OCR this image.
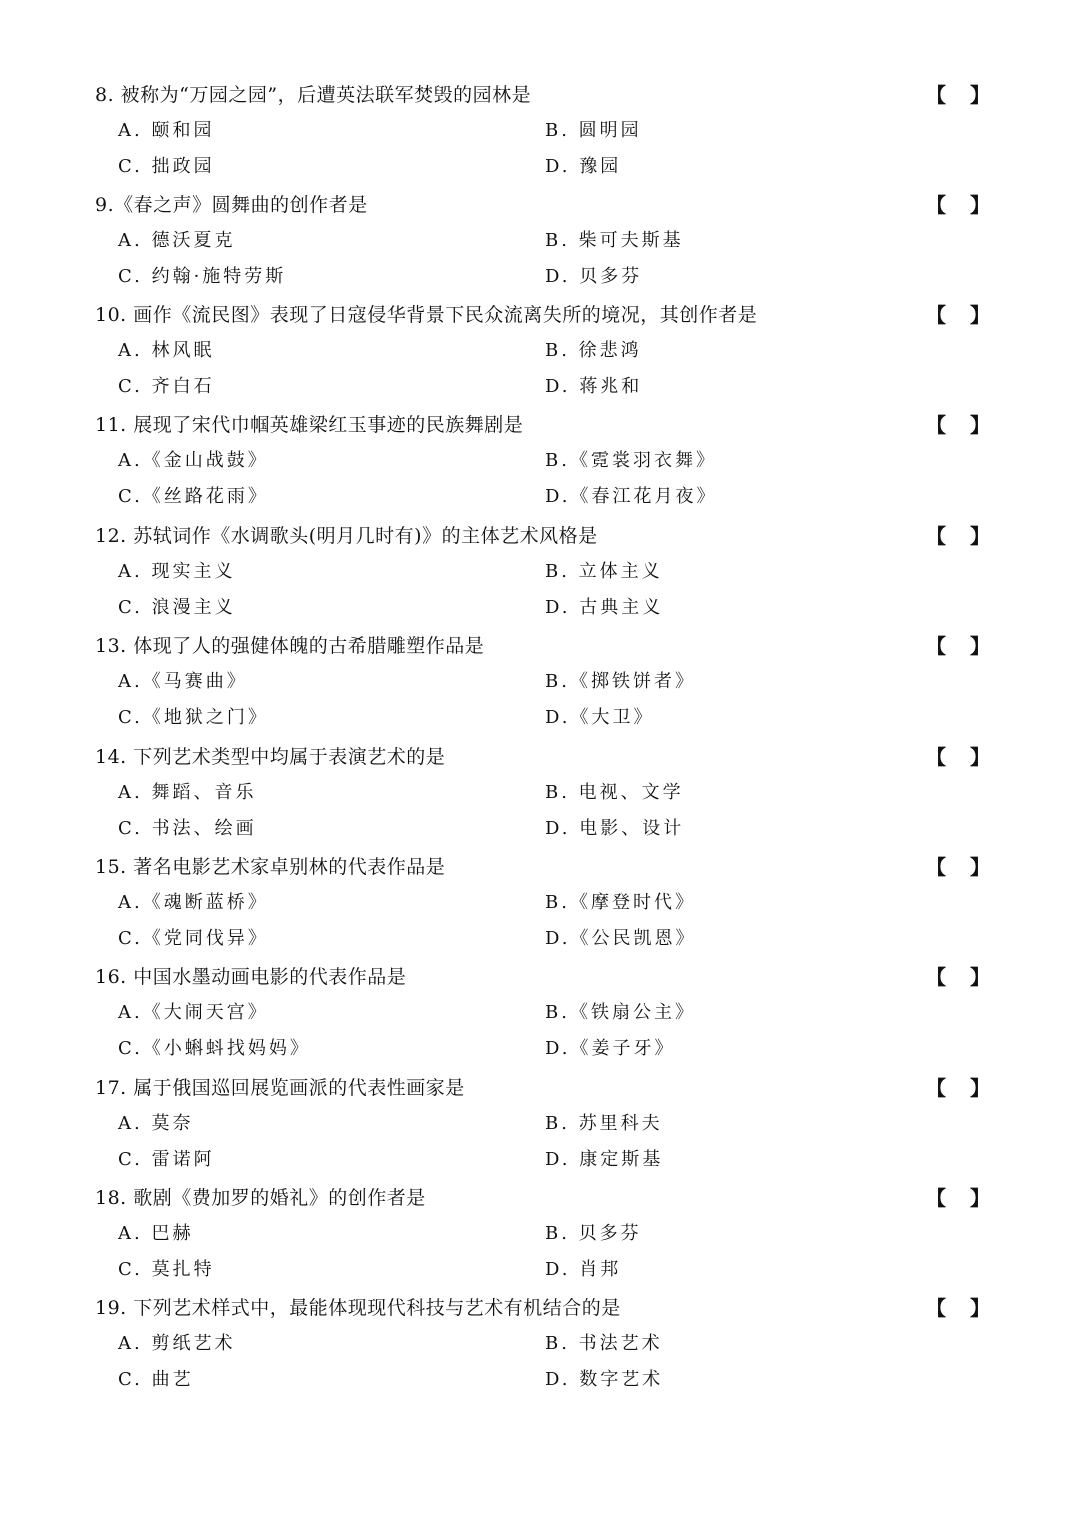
8. 被称为“万园之园”，后遭英法联军焚毁的园林是	【 】
A. 颐和园	B. 圆明园
C. 拙政园	D. 豫园
9.《春之声》圆舞曲的创作者是	【 】
A. 德沃夏克	B. 柴可夫斯基
C. 约翰·施特劳斯	D. 贝多芬
10. 画作《流民图》表现了日寇侵华背景下民众流离失所的境况，其创作者是	【 】
A. 林风眠	B. 徐悲鸿
C. 齐白石	D. 蒋兆和
11. 展现了宋代巾帼英雄梁红玉事迹的民族舞剧是	【 】
A.《金山战鼓》	B.《霓裳羽衣舞》
C.《丝路花雨》	D.《春江花月夜》
12. 苏轼词作《水调歌头(明月几时有)》的主体艺术风格是	【 】
A. 现实主义	B. 立体主义
C. 浪漫主义	D. 古典主义
13. 体现了人的强健体魄的古希腊雕塑作品是	【 】
A.《马赛曲》	B.《掷铁饼者》
C.《地狱之门》	D.《大卫》
14. 下列艺术类型中均属于表演艺术的是	【 】
A. 舞蹈、音乐	B. 电视、文学
C. 书法、绘画	D. 电影、设计
15. 著名电影艺术家卓别林的代表作品是	【 】
A.《魂断蓝桥》	B.《摩登时代》
C.《党同伐异》	D.《公民凯恩》
16. 中国水墨动画电影的代表作品是	【 】
A.《大闹天宫》	B.《铁扇公主》
C.《小蝌蚪找妈妈》	D.《姜子牙》
17. 属于俄国巡回展览画派的代表性画家是	【 】
A. 莫奈	B. 苏里科夫
C. 雷诺阿	D. 康定斯基
18. 歌剧《费加罗的婚礼》的创作者是	【 】
A. 巴赫	B. 贝多芬
C. 莫扎特	D. 肖邦
19. 下列艺术样式中，最能体现现代科技与艺术有机结合的是	【 】
A. 剪纸艺术	B. 书法艺术
C. 曲艺	D. 数字艺术
